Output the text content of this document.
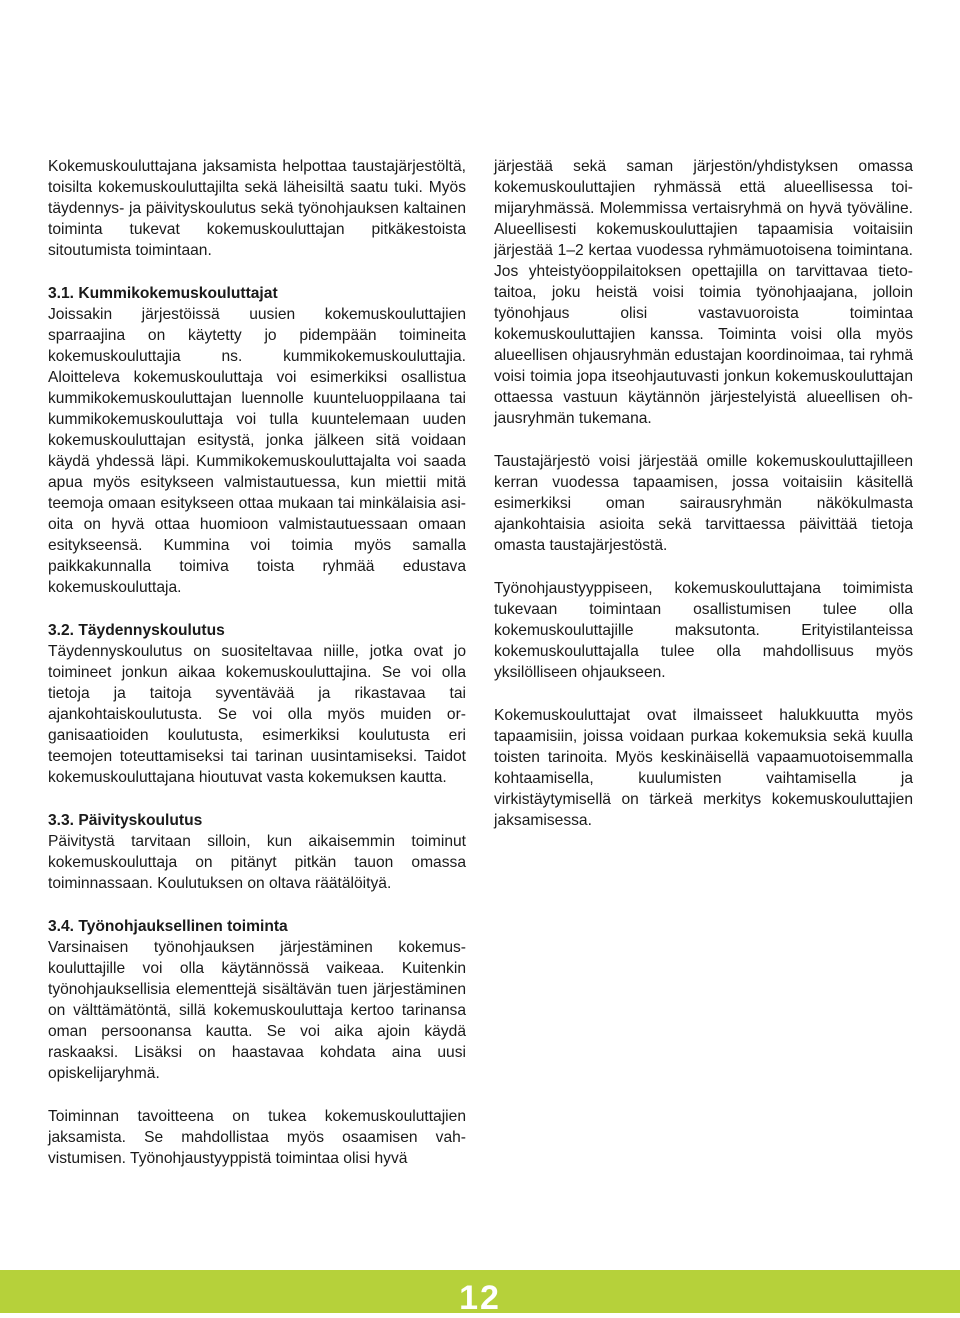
Kokemuskouluttajana jaksamista helpottaa taustajärjestöltä, toisilta kokemuskouluttajilta sekä läheisiltä saatu tuki. Myös täydennys- ja päivityskoulutus sekä työnohjauksen kaltainen toiminta tukevat kokemuskouluttajan pitkäkestoista sitoutumista toimintaan.

3.1. Kummikokemuskouluttajat

Joissakin järjestöissä uusien kokemuskouluttajien sparraajina on käytetty jo pidempään toimineita kokemuskouluttajia ns. kummikokemuskouluttajia. Aloitteleva kokemuskouluttaja voi esimerkiksi osallistua kummikokemuskouluttajan luennolle kuunteluoppilaana tai kummikokemuskouluttaja voi tulla kuuntelemaan uuden kokemuskouluttajan esitystä, jonka jälkeen sitä voidaan käydä yhdessä läpi. Kummikokemuskouluttajalta voi saada apua myös esitykseen valmistautuessa, kun miettii mitä teemoja omaan esitykseen ottaa mukaan tai minkälaisia asioita on hyvä ottaa huomioon valmistautuessaan omaan esitykseensä. Kummina voi toimia myös samalla paikkakunnalla toimiva toista ryhmää edustava kokemuskouluttaja.

3.2. Täydennyskoulutus

Täydennyskoulutus on suositeltavaa niille, jotka ovat jo toimineet jonkun aikaa kokemuskouluttajina. Se voi olla tietoja ja taitoja syventävää ja rikastavaa tai ajankohtaiskoulutusta. Se voi olla myös muiden organisaatioiden koulutusta, esimerkiksi koulutusta eri teemojen toteuttamiseksi tai tarinan uusintamiseksi. Taidot kokemuskouluttajana hioutuvat vasta kokemuksen kautta.

3.3. Päivityskoulutus

Päivitystä tarvitaan silloin, kun aikaisemmin toiminut kokemuskouluttaja on pitänyt pitkän tauon omassa toiminnassaan. Koulutuksen on oltava räätälöityä.

3.4. Työnohjauksellinen toiminta

Varsinaisen työnohjauksen järjestäminen kokemuskouluttajille voi olla käytännössä vaikeaa. Kuitenkin työnohjauksellisia elementtejä sisältävän tuen järjestäminen on välttämätöntä, sillä kokemuskouluttaja kertoo tarinansa oman persoonansa kautta. Se voi aika ajoin käydä raskaaksi. Lisäksi on haastavaa kohdata aina uusi opiskelijaryhmä.

Toiminnan tavoitteena on tukea kokemuskouluttajien jaksamista. Se mahdollistaa myös osaamisen vahvistumisen. Työnohjaustyyppistä toimintaa olisi hyvä

järjestää sekä saman järjestön/yhdistyksen omassa kokemuskouluttajien ryhmässä että alueellisessa toimijaryhmässä. Molemmissa vertaisryhmä on hyvä työväline. Alueellisesti kokemuskouluttajien tapaamisia voitaisiin järjestää 1–2 kertaa vuodessa ryhmämuotoisena toimintana. Jos yhteistyöoppilaitoksen opettajilla on tarvittavaa tieto-taitoa, joku heistä voisi toimia työnohjaajana, jolloin työnohjaus olisi vastavuoroista toimintaa kokemuskouluttajien kanssa. Toiminta voisi olla myös alueellisen ohjausryhmän edustajan koordinoimaa, tai ryhmä voisi toimia jopa itseohjautuvasti jonkun kokemuskouluttajan ottaessa vastuun käytännön järjestelyistä alueellisen ohjausryhmän tukemana.

Taustajärjestö voisi järjestää omille kokemuskouluttajilleen kerran vuodessa tapaamisen, jossa voitaisiin käsitellä esimerkiksi oman sairausryhmän näkökulmasta ajankohtaisia asioita sekä tarvittaessa päivittää tietoja omasta taustajärjestöstä.

Työnohjaustyyppiseen, kokemuskouluttajana toimimista tukevaan toimintaan osallistumisen tulee olla kokemuskouluttajille maksutonta. Erityistilanteissa kokemuskouluttajalla tulee olla mahdollisuus myös yksilölliseen ohjaukseen.

Kokemuskouluttajat ovat ilmaisseet halukkuutta myös tapaamisiin, joissa voidaan purkaa kokemuksia sekä kuulla toisten tarinoita. Myös keskinäisellä vapaamuotoisemmalla kohtaamisella, kuulumisten vaihtamisella ja virkistäytymisellä on tärkeä merkitys kokemuskouluttajien jaksamisessa.

12
